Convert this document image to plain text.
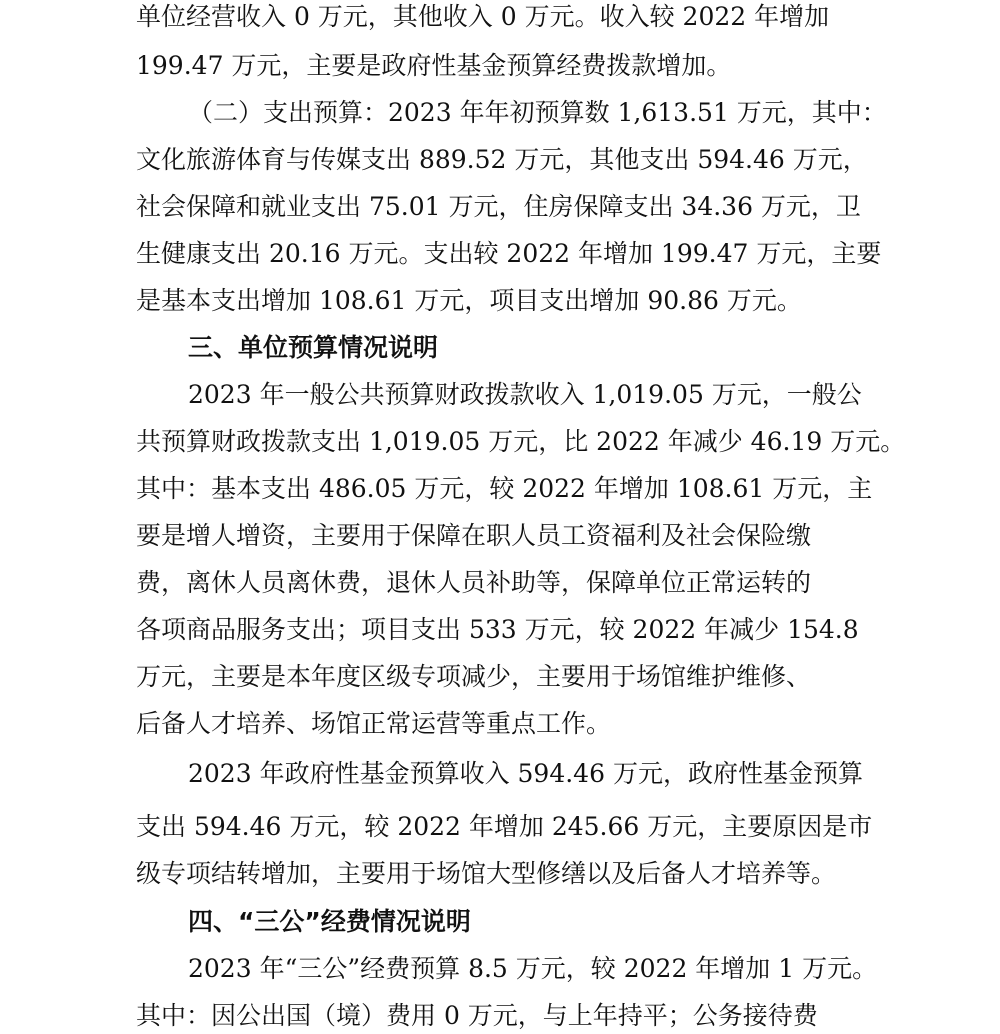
单位经营收入 0 万元，其他收入 0 万元。收入较 2022 年增加
199.47 万元，主要是政府性基金预算经费拨款增加。
（二）支出预算：2023 年年初预算数 1,613.51 万元，其中：
文化旅游体育与传媒支出 889.52 万元，其他支出 594.46 万元，
社会保障和就业支出 75.01 万元，住房保障支出 34.36 万元，卫
生健康支出 20.16 万元。支出较 2022 年增加 199.47 万元，主要
是基本支出增加 108.61 万元，项目支出增加 90.86 万元。
三、单位预算情况说明
2023 年一般公共预算财政拨款收入 1,019.05 万元，一般公
共预算财政拨款支出 1,019.05 万元，比 2022 年减少 46.19 万元。
其中：基本支出 486.05 万元，较 2022 年增加 108.61 万元，主
要是增人增资，主要用于保障在职人员工资福利及社会保险缴
费，离休人员离休费，退休人员补助等，保障单位正常运转的
各项商品服务支出；项目支出 533 万元，较 2022 年减少 154.8
万元，主要是本年度区级专项减少，主要用于场馆维护维修、
后备人才培养、场馆正常运营等重点工作。
2023 年政府性基金预算收入 594.46 万元，政府性基金预算
支出 594.46 万元，较 2022 年增加 245.66 万元，主要原因是市
级专项结转增加，主要用于场馆大型修缮以及后备人才培养等。
四、“三公”经费情况说明
2023 年“三公”经费预算 8.5 万元，较 2022 年增加 1 万元。
其中：因公出国（境）费用 0 万元，与上年持平；公务接待费
